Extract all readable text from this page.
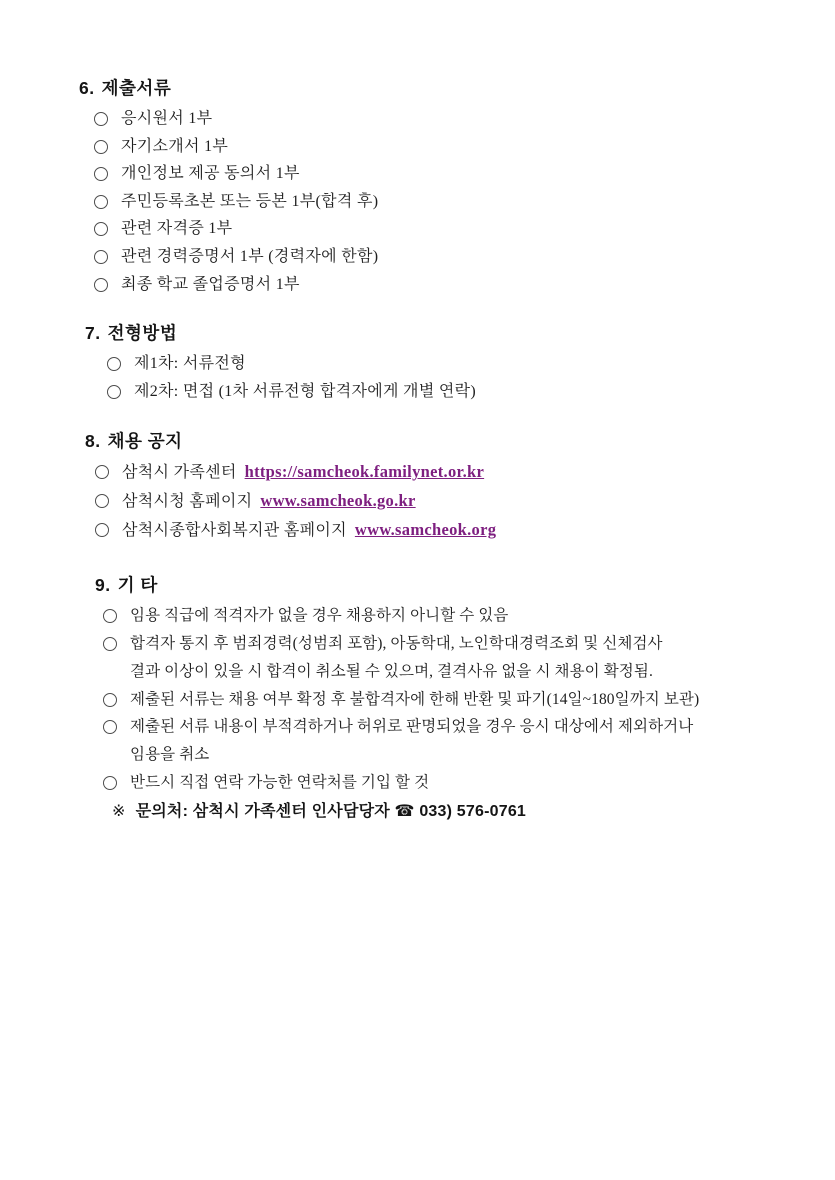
6. 제출서류
응시원서 1부
자기소개서 1부
개인정보 제공 동의서 1부
주민등록초본 또는 등본 1부(합격 후)
관련 자격증 1부
관련 경력증명서 1부 (경력자에 한함)
최종 학교 졸업증명서 1부
7. 전형방법
제1차: 서류전형
제2차: 면접 (1차 서류전형 합격자에게 개별 연락)
8. 채용 공지
삼척시 가족센터 https://samcheok.familynet.or.kr
삼척시청 홈페이지 www.samcheok.go.kr
삼척시종합사회복지관 홈페이지 www.samcheok.org
9. 기 타
임용 직급에 적격자가 없을 경우 채용하지 아니할 수 있음
합격자 통지 후 범죄경력(성범죄 포함), 아동학대, 노인학대경력조회 및 신체검사
결과 이상이 있을 시 합격이 취소될 수 있으며, 결격사유 없을 시 채용이 확정됨.
제출된 서류는 채용 여부 확정 후 불합격자에 한해 반환 및 파기(14일~180일까지 보관)
제출된 서류 내용이 부적격하거나 허위로 판명되었을 경우 응시 대상에서 제외하거나
임용을 취소
반드시 직접 연락 가능한 연락처를 기입 할 것
※ 문의처: 삼척시 가족센터 인사담당자 ☎ 033) 576-0761
